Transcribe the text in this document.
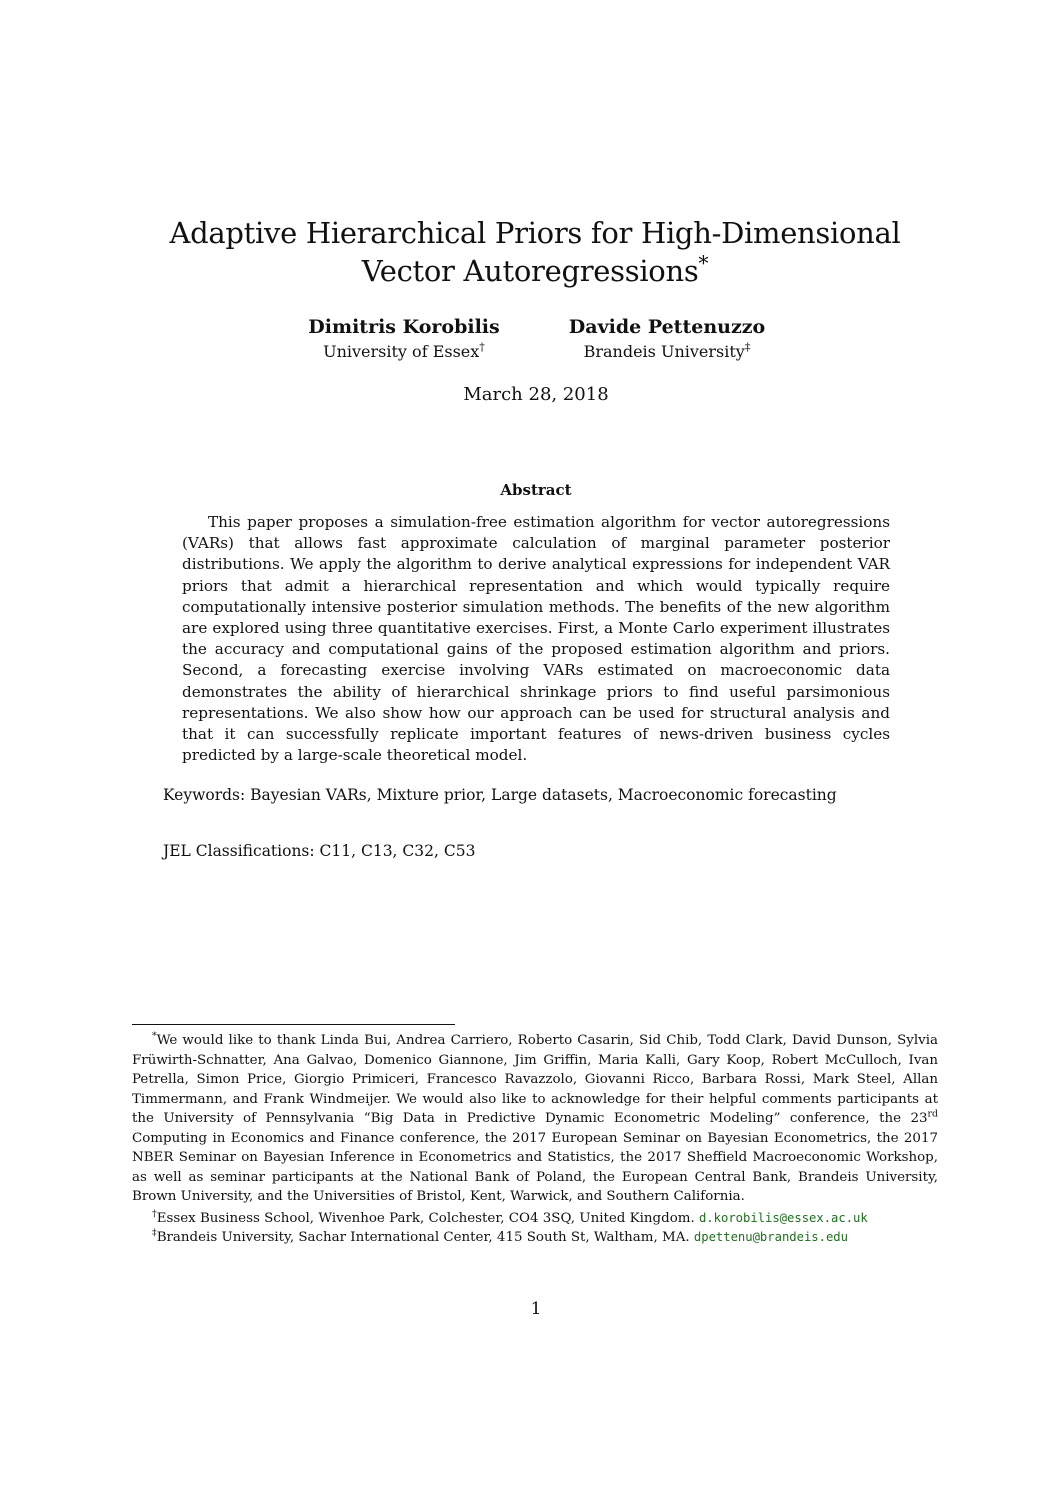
Adaptive Hierarchical Priors for High-Dimensional Vector Autoregressions*
Dimitris Korobilis
University of Essex†
Davide Pettenuzzo
Brandeis University‡
March 28, 2018
Abstract

This paper proposes a simulation-free estimation algorithm for vector autoregressions (VARs) that allows fast approximate calculation of marginal parameter posterior distributions. We apply the algorithm to derive analytical expressions for independent VAR priors that admit a hierarchical representation and which would typically require computationally intensive posterior simulation methods. The benefits of the new algorithm are explored using three quantitative exercises. First, a Monte Carlo experiment illustrates the accuracy and computational gains of the proposed estimation algorithm and priors. Second, a forecasting exercise involving VARs estimated on macroeconomic data demonstrates the ability of hierarchical shrinkage priors to find useful parsimonious representations. We also show how our approach can be used for structural analysis and that it can successfully replicate important features of news-driven business cycles predicted by a large-scale theoretical model.

Keywords: Bayesian VARs, Mixture prior, Large datasets, Macroeconomic forecasting
JEL Classifications: C11, C13, C32, C53

*We would like to thank Linda Bui, Andrea Carriero, Roberto Casarin, Sid Chib, Todd Clark, David Dunson, Sylvia Früwirth-Schnatter, Ana Galvao, Domenico Giannone, Jim Griffin, Maria Kalli, Gary Koop, Robert McCulloch, Ivan Petrella, Simon Price, Giorgio Primiceri, Francesco Ravazzolo, Giovanni Ricco, Barbara Rossi, Mark Steel, Allan Timmermann, and Frank Windmeijer. We would also like to acknowledge for their helpful comments participants at the University of Pennsylvania “Big Data in Predictive Dynamic Econometric Modeling” conference, the 23rd Computing in Economics and Finance conference, the 2017 European Seminar on Bayesian Econometrics, the 2017 NBER Seminar on Bayesian Inference in Econometrics and Statistics, the 2017 Sheffield Macroeconomic Workshop, as well as seminar participants at the National Bank of Poland, the European Central Bank, Brandeis University, Brown University, and the Universities of Bristol, Kent, Warwick, and Southern California.

†Essex Business School, Wivenhoe Park, Colchester, CO4 3SQ, United Kingdom. d.korobilis@essex.ac.uk

‡Brandeis University, Sachar International Center, 415 South St, Waltham, MA. dpettenu@brandeis.edu

1
